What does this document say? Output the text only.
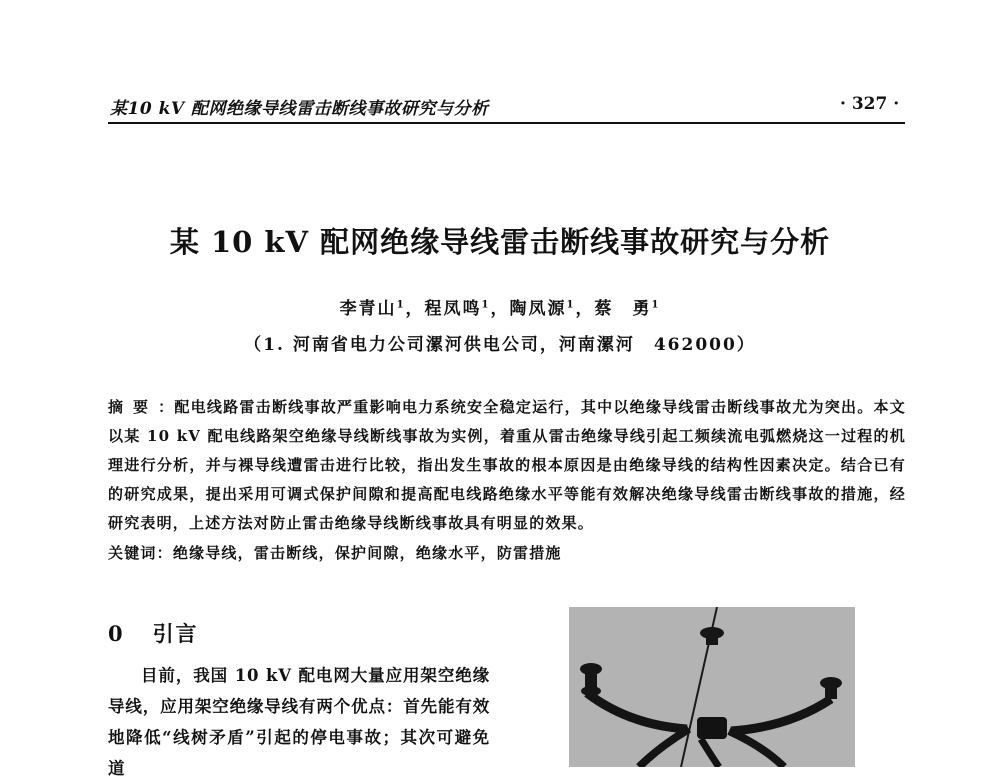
某10 kV 配网绝缘导线雷击断线事故研究与分析	· 327 ·
某 10 kV 配网绝缘导线雷击断线事故研究与分析
李青山$^1$，程凤鸣$^1$，陶凤源$^1$，蔡　勇$^1$
（1. 河南省电力公司漯河供电公司，河南漯河　462000）
摘要：配电线路雷击断线事故严重影响电力系统安全稳定运行，其中以绝缘导线雷击断线事故尤为突出。本文以某 10 kV 配电线路架空绝缘导线断线事故为实例，着重从雷击绝缘导线引起工频续流电弧燃烧这一过程的机理进行分析，并与裸导线遭雷击进行比较，指出发生事故的根本原因是由绝缘导线的结构性因素决定。结合已有的研究成果，提出采用可调式保护间隙和提高配电线路绝缘水平等能有效解决绝缘导线雷击断线事故的措施，经研究表明，上述方法对防止雷击绝缘导线断线事故具有明显的效果。
关键词：绝缘导线，雷击断线，保护间隙，绝缘水平，防雷措施
0 引言
目前，我国 10 kV 配电网大量应用架空绝缘导线，应用架空绝缘导线有两个优点：首先能有效地降低“线树矛盾”引起的停电事故；其次可避免道
